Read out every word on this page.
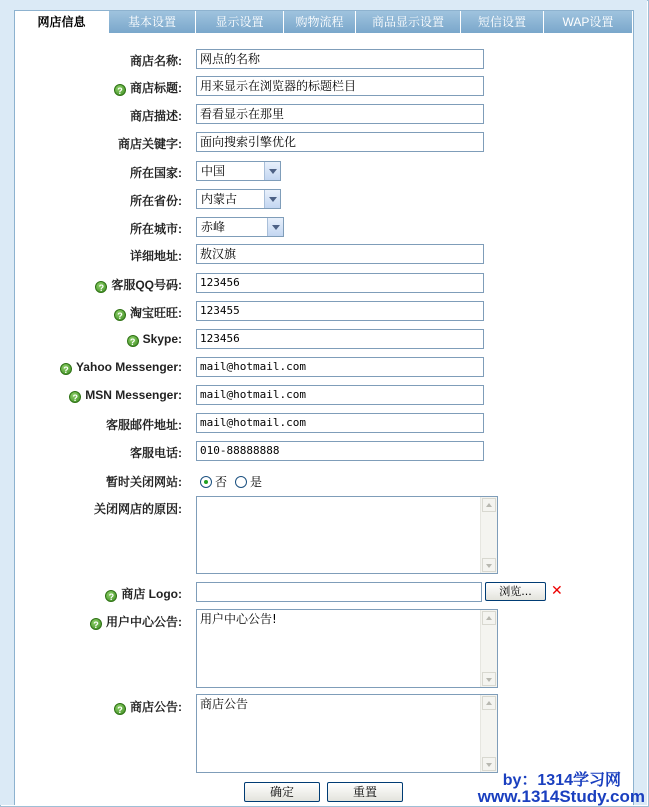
网店信息	基本设置	显示设置	购物流程	商品显示设置	短信设置	WAP设置
商店名称:	网点的名称
? 商店标题:	用来显示在浏览器的标题栏目
商店描述:	看看显示在那里
商店关键字:	面向搜索引擎优化
所在国家:	中国
所在省份:	内蒙古
所在城市:	赤峰
详细地址:	敖汉旗
? 客服QQ号码:	123456
? 淘宝旺旺:	123455
? Skype:	123456
? Yahoo Messenger:	mail@hotmail.com
? MSN Messenger:	mail@hotmail.com
客服邮件地址:	mail@hotmail.com
客服电话:	010-88888888
暂时关闭网站:	否 是
关闭网店的原因:
? 商店 Logo:	浏览...	✕
? 用户中心公告:	用户中心公告!
? 商店公告:	商店公告
确定	重置
by：1314学习网
www.1314Study.com
